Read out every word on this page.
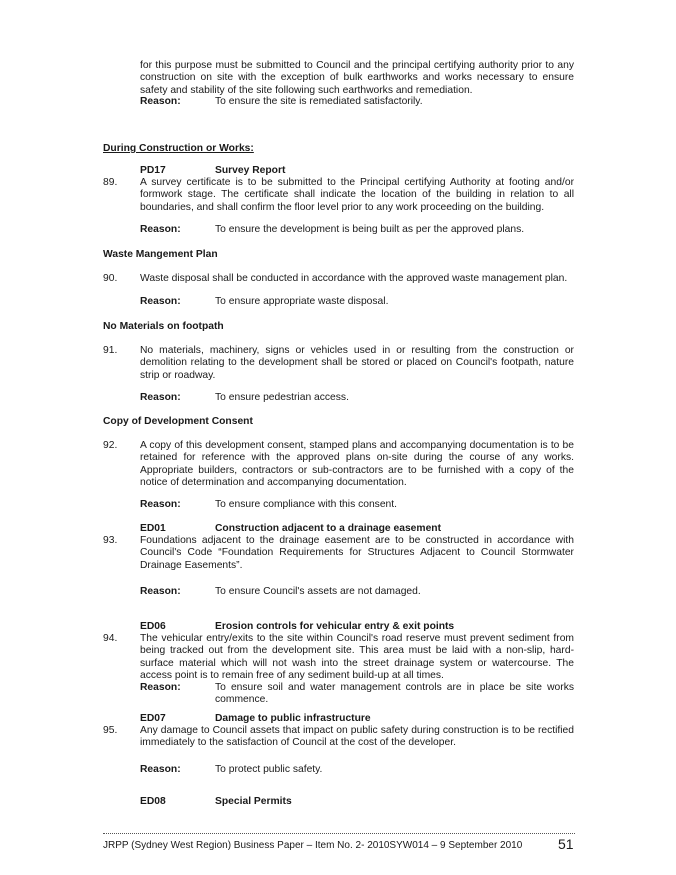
for this purpose must be submitted to Council and the principal certifying authority prior to any construction on site with the exception of bulk earthworks and works necessary to ensure safety and stability of the site following such earthworks and remediation.
Reason:	To ensure the site is remediated satisfactorily.
During Construction or Works:
PD17	Survey Report
89. A survey certificate is to be submitted to the Principal certifying Authority at footing and/or formwork stage. The certificate shall indicate the location of the building in relation to all boundaries, and shall confirm the floor level prior to any work proceeding on the building.
Reason:	To ensure the development is being built as per the approved plans.
Waste Mangement Plan
90. Waste disposal shall be conducted in accordance with the approved waste management plan.
Reason:	To ensure appropriate waste disposal.
No Materials on footpath
91. No materials, machinery, signs or vehicles used in or resulting from the construction or demolition relating to the development shall be stored or placed on Council's footpath, nature strip or roadway.
Reason:	To ensure pedestrian access.
Copy of Development Consent
92. A copy of this development consent, stamped plans and accompanying documentation is to be retained for reference with the approved plans on-site during the course of any works. Appropriate builders, contractors or sub-contractors are to be furnished with a copy of the notice of determination and accompanying documentation.
Reason:	To ensure compliance with this consent.
ED01	Construction adjacent to a drainage easement
93. Foundations adjacent to the drainage easement are to be constructed in accordance with Council's Code “Foundation Requirements for Structures Adjacent to Council Stormwater Drainage Easements”.
Reason:	To ensure Council's assets are not damaged.
ED06	Erosion controls for vehicular entry & exit points
94. The vehicular entry/exits to the site within Council's road reserve must prevent sediment from being tracked out from the development site. This area must be laid with a non-slip, hard-surface material which will not wash into the street drainage system or watercourse. The access point is to remain free of any sediment build-up at all times.
Reason:	To ensure soil and water management controls are in place be site works commence.
ED07	Damage to public infrastructure
95. Any damage to Council assets that impact on public safety during construction is to be rectified immediately to the satisfaction of Council at the cost of the developer.
Reason:	To protect public safety.
ED08	Special Permits
JRPP (Sydney West Region) Business Paper – Item No. 2- 2010SYW014 – 9 September 2010	51
